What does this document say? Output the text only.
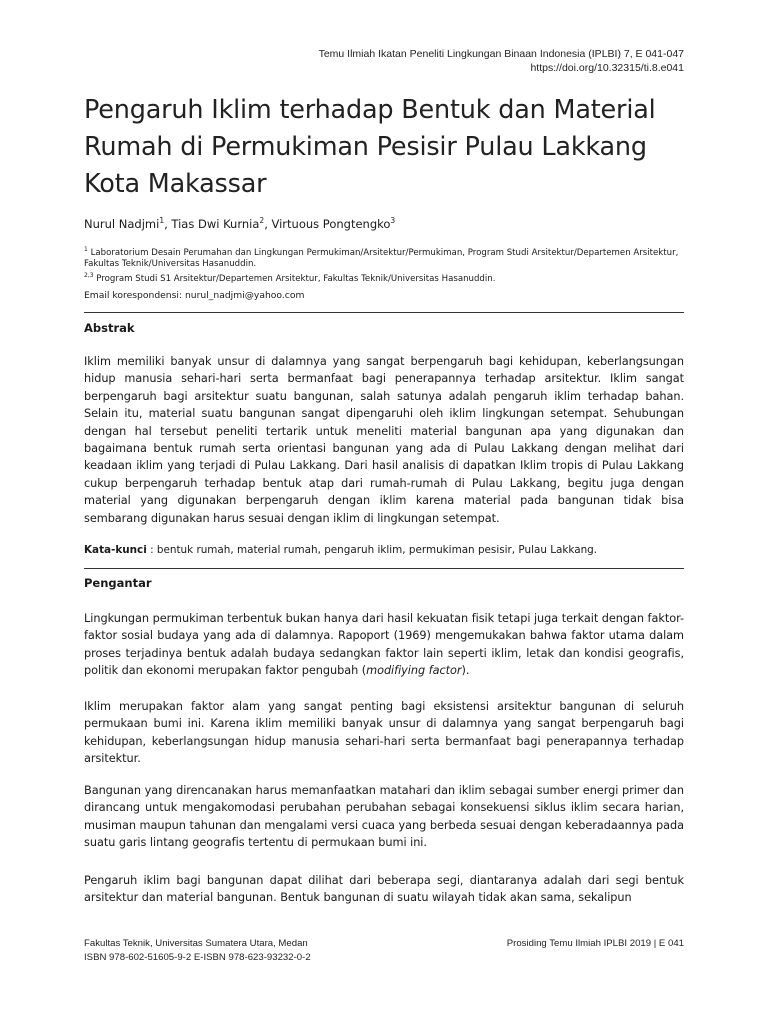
Temu Ilmiah Ikatan Peneliti Lingkungan Binaan Indonesia (IPLBI) 7, E 041-047
https://doi.org/10.32315/ti.8.e041
Pengaruh Iklim terhadap Bentuk dan Material Rumah di Permukiman Pesisir Pulau Lakkang Kota Makassar
Nurul Nadjmi$^1$, Tias Dwi Kurnia$^2$, Virtuous Pongtengko$^3$

$^1$ Laboratorium Desain Perumahan dan Lingkungan Permukiman/Arsitektur/Permukiman, Program Studi Arsitektur/Departemen Arsitektur, Fakultas Teknik/Universitas Hasanuddin.

$^{2,3}$ Program Studi S1 Arsitektur/Departemen Arsitektur, Fakultas Teknik/Universitas Hasanuddin.

Email korespondensi: nurul_nadjmi@yahoo.com
Abstrak

Iklim memiliki banyak unsur di dalamnya yang sangat berpengaruh bagi kehidupan, keberlangsungan hidup manusia sehari-hari serta bermanfaat bagi penerapannya terhadap arsitektur. Iklim sangat berpengaruh bagi arsitektur suatu bangunan, salah satunya adalah pengaruh iklim terhadap bahan. Selain itu, material suatu bangunan sangat dipengaruhi oleh iklim lingkungan setempat. Sehubungan dengan hal tersebut peneliti tertarik untuk meneliti material bangunan apa yang digunakan dan bagaimana bentuk rumah serta orientasi bangunan yang ada di Pulau Lakkang dengan melihat dari keadaan iklim yang terjadi di Pulau Lakkang. Dari hasil analisis di dapatkan Iklim tropis di Pulau Lakkang cukup berpengaruh terhadap bentuk atap dari rumah-rumah di Pulau Lakkang, begitu juga dengan material yang digunakan berpengaruh dengan iklim karena material pada bangunan tidak bisa sembarang digunakan harus sesuai dengan iklim di lingkungan setempat.

Kata-kunci : bentuk rumah, material rumah, pengaruh iklim, permukiman pesisir, Pulau Lakkang.
Pengantar

Lingkungan permukiman terbentuk bukan hanya dari hasil kekuatan fisik tetapi juga terkait dengan faktor-faktor sosial budaya yang ada di dalamnya. Rapoport (1969) mengemukakan bahwa faktor utama dalam proses terjadinya bentuk adalah budaya sedangkan faktor lain seperti iklim, letak dan kondisi geografis, politik dan ekonomi merupakan faktor pengubah (modifiying factor).

Iklim merupakan faktor alam yang sangat penting bagi eksistensi arsitektur bangunan di seluruh permukaan bumi ini. Karena iklim memiliki banyak unsur di dalamnya yang sangat berpengaruh bagi kehidupan, keberlangsungan hidup manusia sehari-hari serta bermanfaat bagi penerapannya terhadap arsitektur.

Bangunan yang direncanakan harus memanfaatkan matahari dan iklim sebagai sumber energi primer dan dirancang untuk mengakomodasi perubahan perubahan sebagai konsekuensi siklus iklim secara harian, musiman maupun tahunan dan mengalami versi cuaca yang berbeda sesuai dengan keberadaannya pada suatu garis lintang geografis tertentu di permukaan bumi ini.

Pengaruh iklim bagi bangunan dapat dilihat dari beberapa segi, diantaranya adalah dari segi bentuk arsitektur dan material bangunan. Bentuk bangunan di suatu wilayah tidak akan sama, sekalipun

Fakultas Teknik, Universitas Sumatera Utara, Medan
ISBN 978-602-51605-9-2 E-ISBN 978-623-93232-0-2
Prosiding Temu Ilmiah IPLBI 2019 | E 041
